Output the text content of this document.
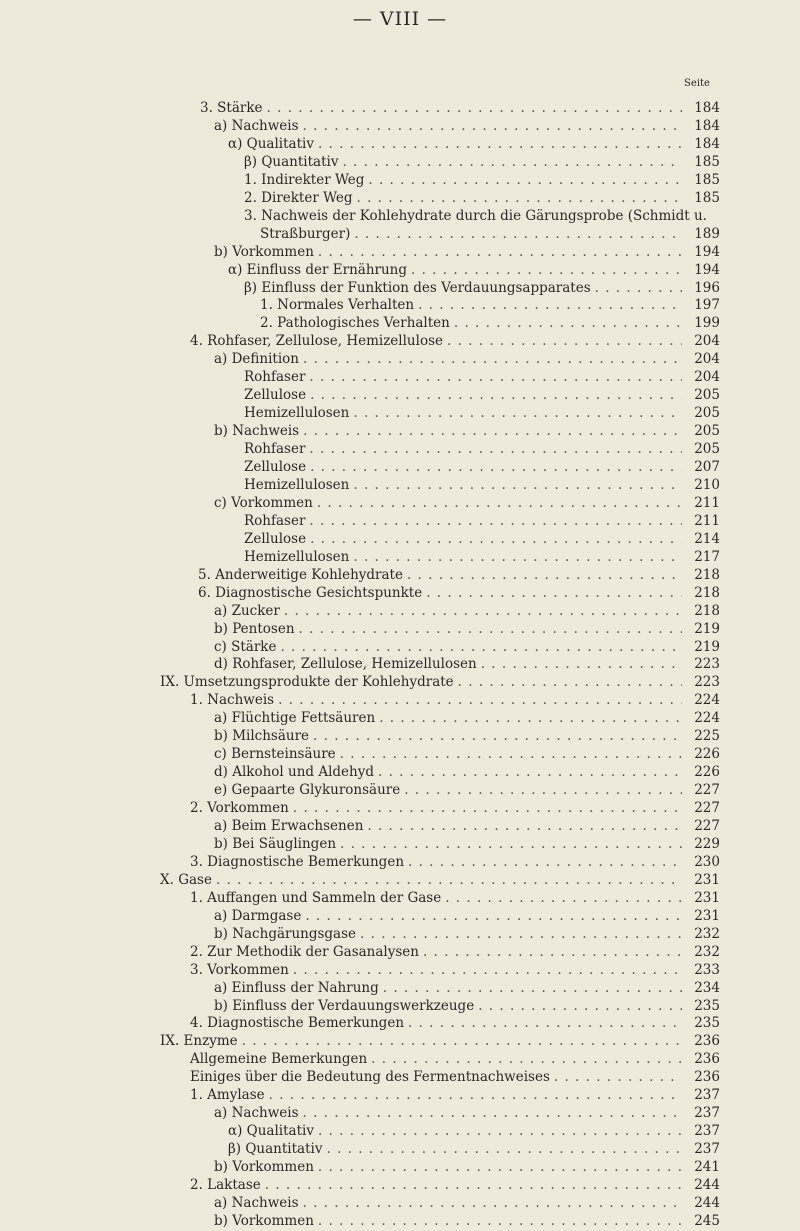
— VIII —
Seite
3. Stärke . . .	184
a) Nachweis . . .	184
α) Qualitativ . . .	184
β) Quantitativ . . .	185
1. Indirekter Weg . . .	185
2. Direkter Weg . . .	185
3. Nachweis der Kohlehydrate durch die Gärungsprobe (Schmidt u.
Straßburger) . . .	189
b) Vorkommen . . .	194
α) Einfluss der Ernährung . . .	194
β) Einfluss der Funktion des Verdauungsapparates . . .	196
1. Normales Verhalten . . .	197
2. Pathologisches Verhalten . . .	199
4. Rohfaser, Zellulose, Hemizellulose . . .	204
a) Definition . . .	204
Rohfaser . . .	204
Zellulose . . .	205
Hemizellulosen . . .	205
b) Nachweis . . .	205
Rohfaser . . .	205
Zellulose . . .	207
Hemizellulosen . . .	210
c) Vorkommen . . .	211
Rohfaser . . .	211
Zellulose . . .	214
Hemizellulosen . . .	217
5. Anderweitige Kohlehydrate . . .	218
6. Diagnostische Gesichtspunkte . . .	218
a) Zucker . . .	218
b) Pentosen . . .	219
c) Stärke . . .	219
d) Rohfaser, Zellulose, Hemizellulosen . . .	223
IX. Umsetzungsprodukte der Kohlehydrate . . .	223
1. Nachweis . . .	224
a) Flüchtige Fettsäuren . . .	224
b) Milchsäure . . .	225
c) Bernsteinsäure . . .	226
d) Alkohol und Aldehyd . . .	226
e) Gepaarte Glykuronsäure . . .	227
2. Vorkommen . . .	227
a) Beim Erwachsenen . . .	227
b) Bei Säuglingen . . .	229
3. Diagnostische Bemerkungen . . .	230
X. Gase . . .	231
1. Auffangen und Sammeln der Gase . . .	231
a) Darmgase . . .	231
b) Nachgärungsgase . . .	232
2. Zur Methodik der Gasanalysen . . .	232
3. Vorkommen . . .	233
a) Einfluss der Nahrung . . .	234
b) Einfluss der Verdauungswerkzeuge . . .	235
4. Diagnostische Bemerkungen . . .	235
IX. Enzyme . . .	236
Allgemeine Bemerkungen . . .	236
Einiges über die Bedeutung des Fermentnachweises . . .	236
1. Amylase . . .	237
a) Nachweis . . .	237
α) Qualitativ . . .	237
β) Quantitativ . . .	237
b) Vorkommen . . .	241
2. Laktase . . .	244
a) Nachweis . . .	244
b) Vorkommen . . .	245
